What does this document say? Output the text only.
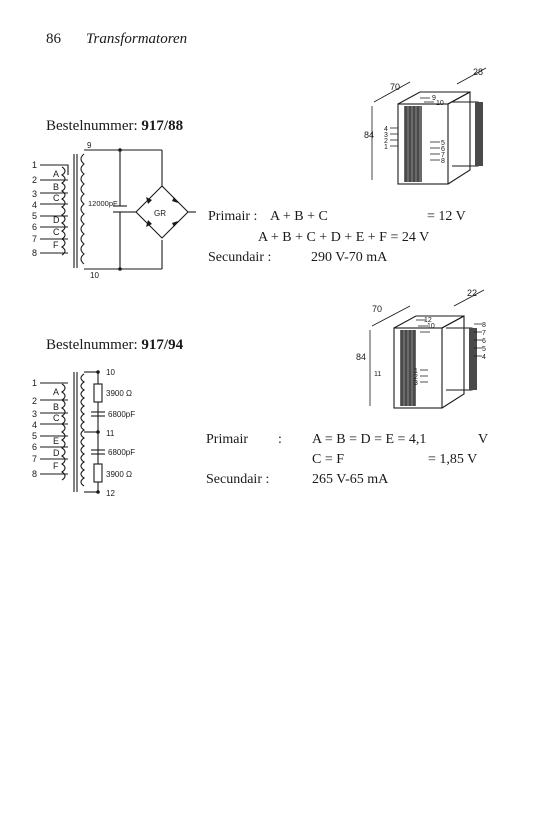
86 Transformatoren
Bestelnummer: 917/88
1
2
3
4
5
6
7
8
A
B
C
D
C
F
9
10
12000pF
GR
70
28
84
4
3
2
1
5
6
7
8
9
10
Primair : A + B + C	= 12 V
A + B + C + D + E + F = 24 V
Secundair :	290 V-70 mA
Bestelnummer: 917/94
1
2
3
4
5
6
7
8
A
B
C
E
D
F
10
11
12
3900 Ω
6800pF
6800pF
3900 Ω
70
22
84
12
10
11	1
2
3
8
7
6
5
4
Primair : A = B = D = E = 4,1	V
C = F	= 1,85 V
Secundair :	265 V-65 mA
